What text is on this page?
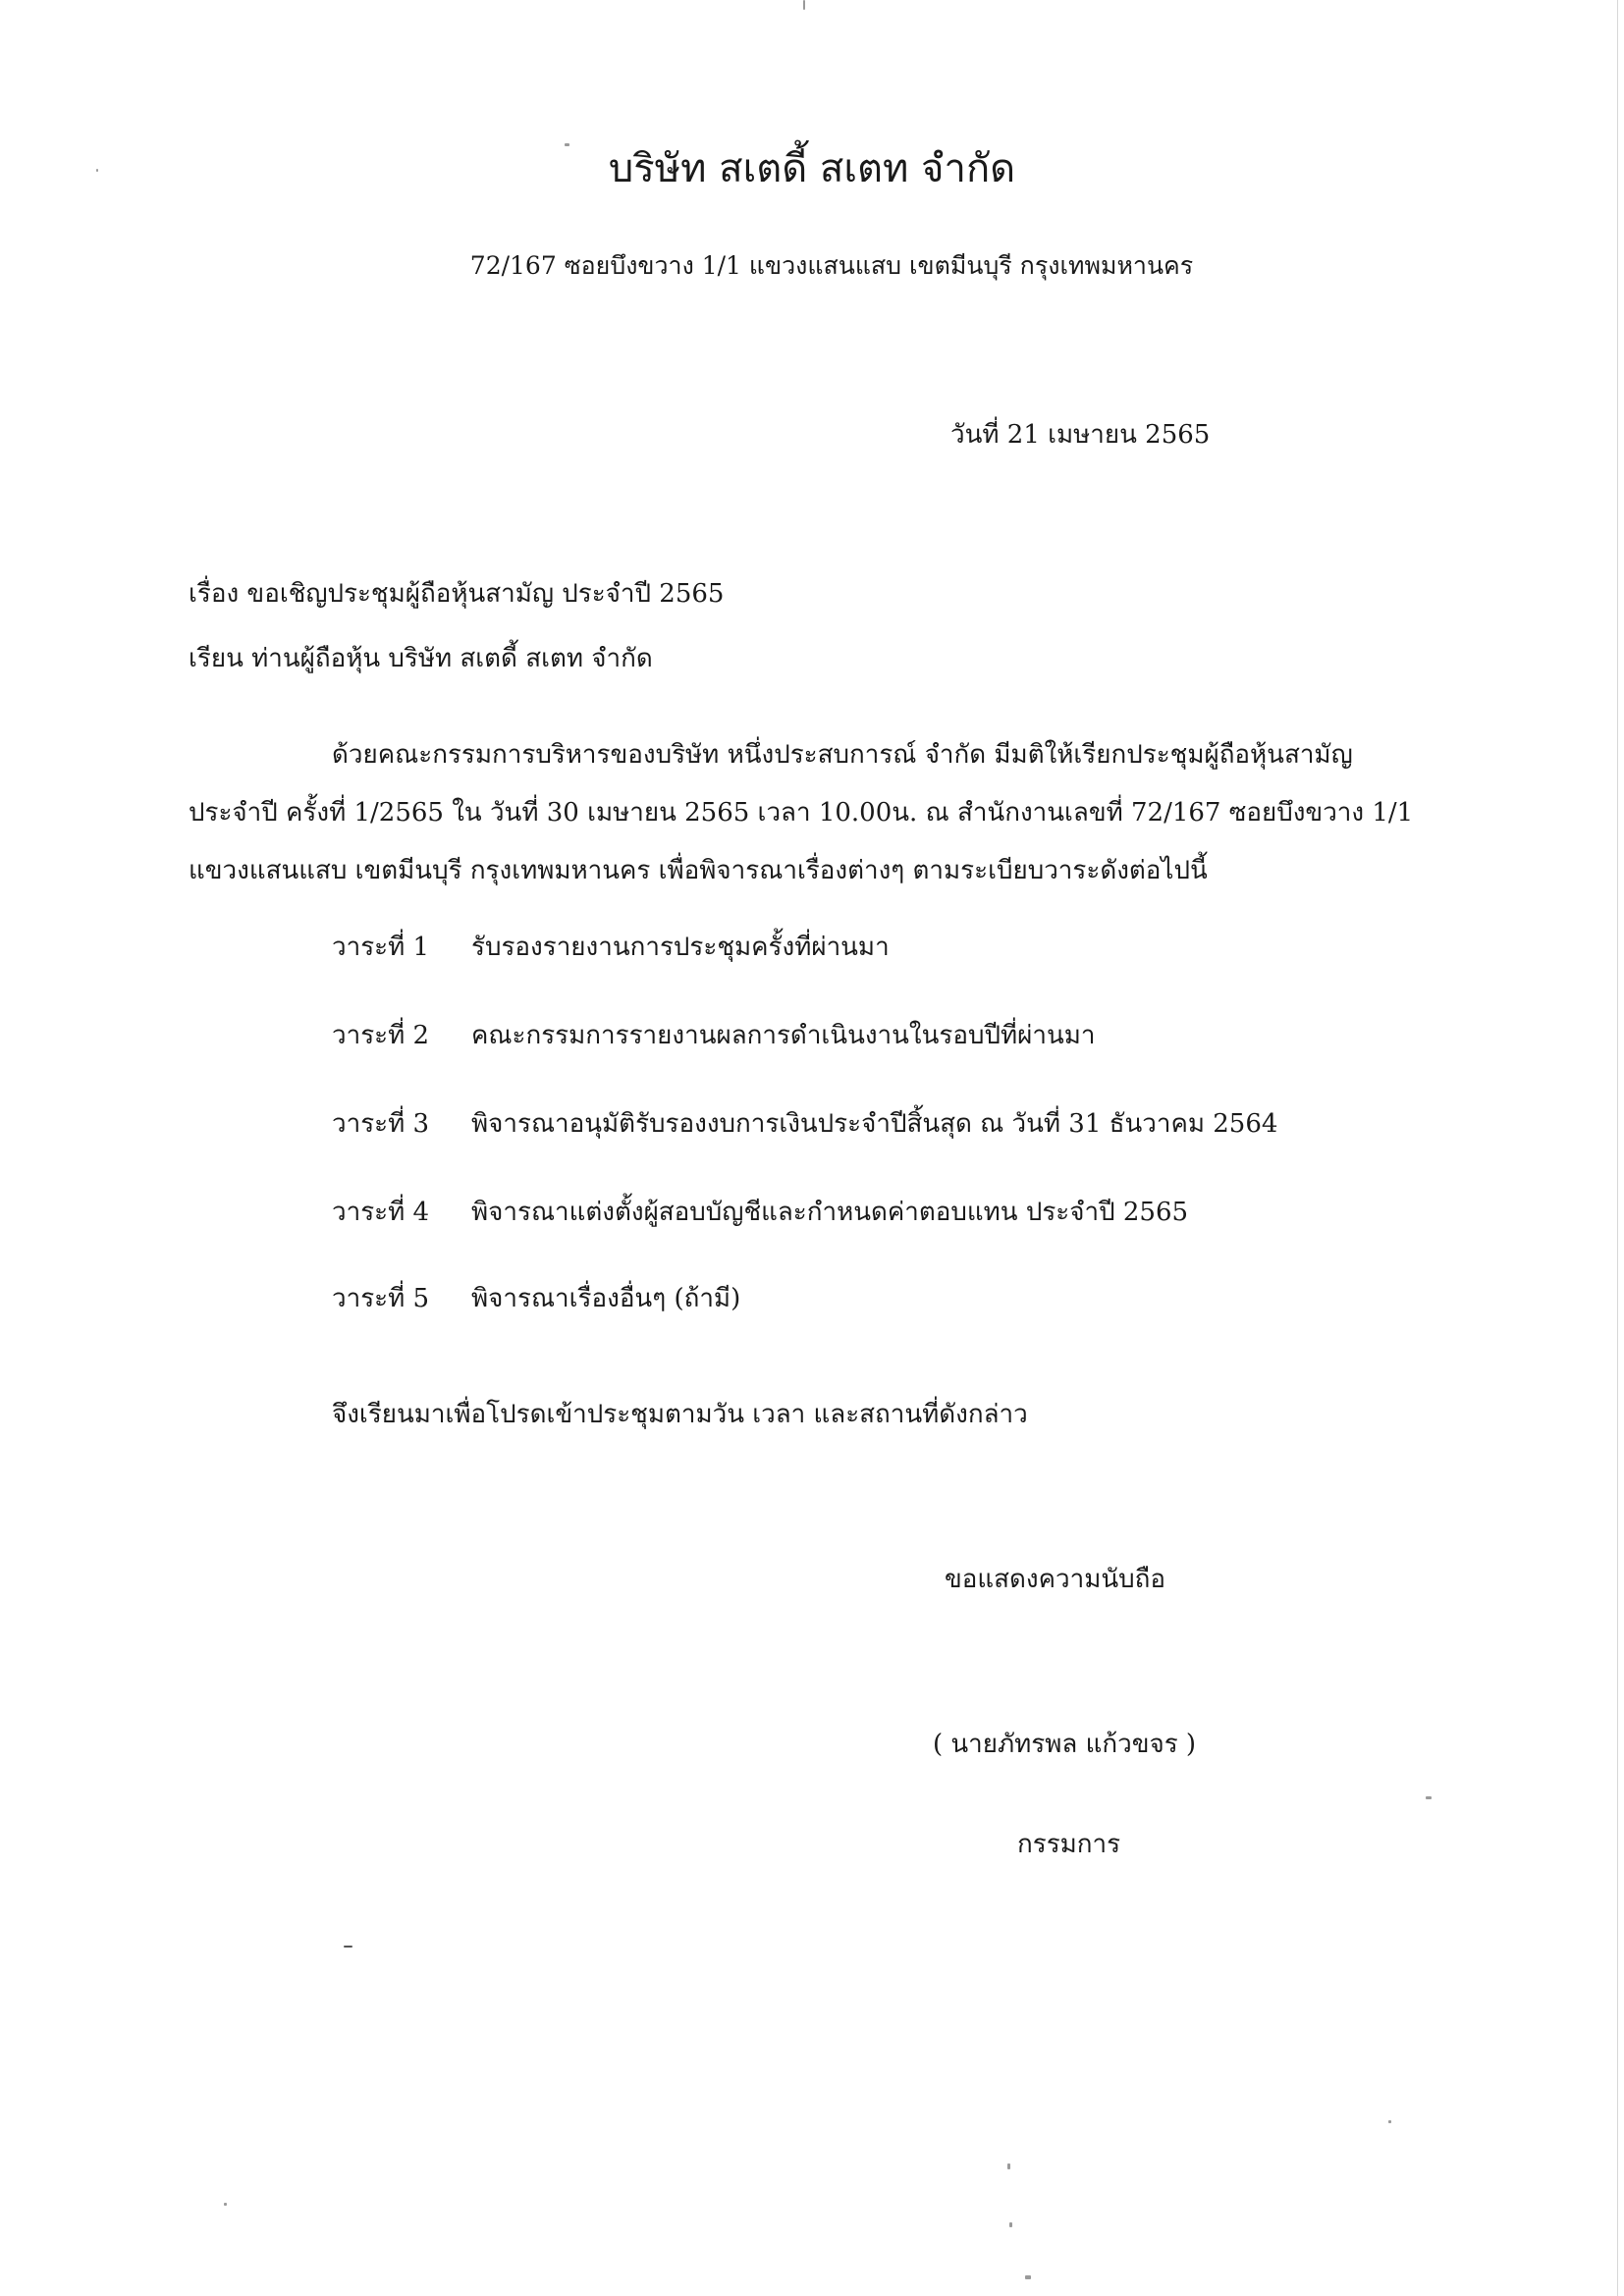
บริษัท สเตดี้ สเตท จำกัด
72/167 ซอยบึงขวาง 1/1 แขวงแสนแสบ เขตมีนบุรี กรุงเทพมหานคร
วันที่ 21 เมษายน 2565
เรื่อง ขอเชิญประชุมผู้ถือหุ้นสามัญ ประจำปี 2565
เรียน ท่านผู้ถือหุ้น บริษัท สเตดี้ สเตท จำกัด
ด้วยคณะกรรมการบริหารของบริษัท หนึ่งประสบการณ์ จำกัด มีมติให้เรียกประชุมผู้ถือหุ้นสามัญ
ประจำปี ครั้งที่ 1/2565 ใน วันที่ 30 เมษายน 2565 เวลา 10.00น. ณ สำนักงานเลขที่ 72/167 ซอยบึงขวาง 1/1
แขวงแสนแสบ เขตมีนบุรี กรุงเทพมหานคร เพื่อพิจารณาเรื่องต่างๆ ตามระเบียบวาระดังต่อไปนี้
วาระที่ 1	รับรองรายงานการประชุมครั้งที่ผ่านมา
วาระที่ 2	คณะกรรมการรายงานผลการดำเนินงานในรอบปีที่ผ่านมา
วาระที่ 3	พิจารณาอนุมัติรับรองงบการเงินประจำปีสิ้นสุด ณ วันที่ 31 ธันวาคม 2564
วาระที่ 4	พิจารณาแต่งตั้งผู้สอบบัญชีและกำหนดค่าตอบแทน ประจำปี 2565
วาระที่ 5	พิจารณาเรื่องอื่นๆ (ถ้ามี)
จึงเรียนมาเพื่อโปรดเข้าประชุมตามวัน เวลา และสถานที่ดังกล่าว
ขอแสดงความนับถือ
( นายภัทรพล แก้วขจร )
กรรมการ
